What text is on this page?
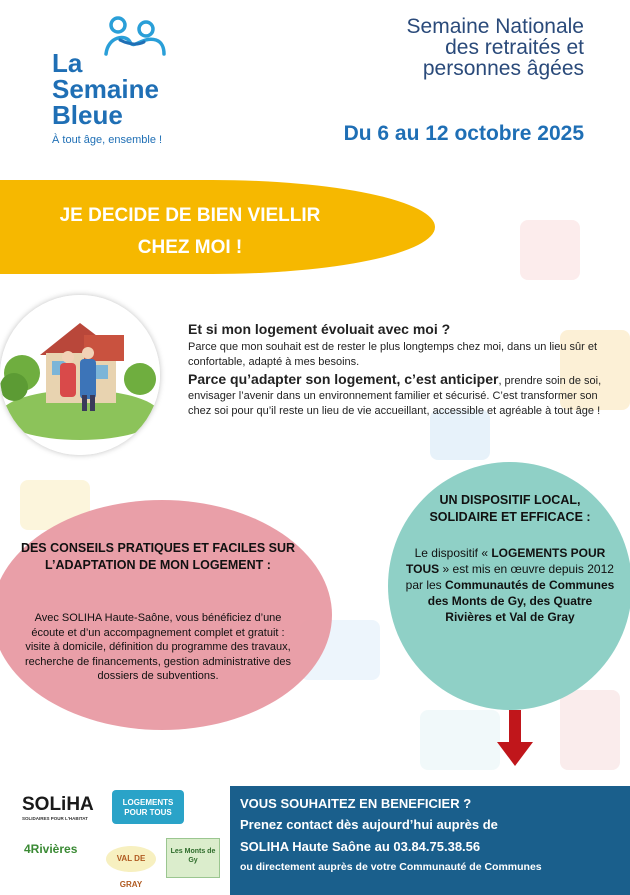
La
Semaine
Bleue
À tout âge, ensemble !
Semaine Nationale
des retraités et
personnes âgées
Du 6 au 12 octobre 2025
JE DECIDE DE BIEN VIELLIR
CHEZ MOI !
Et si mon logement évoluait avec moi ?

Parce que mon souhait est de rester le plus longtemps chez moi, dans un lieu sûr et confortable, adapté à mes besoins.

Parce qu’adapter son logement, c’est anticiper, prendre soin de soi, envisager l’avenir dans un environnement familier et sécurisé. C’est transformer son chez soi pour qu’il reste un lieu de vie accueillant, accessible et agréable à tout âge !

DES CONSEILS PRATIQUES ET FACILES SUR L’ADAPTATION DE MON LOGEMENT :
Avec SOLIHA Haute-Saône, vous bénéficiez d’une écoute et d’un accompagnement complet et gratuit : visite à domicile, définition du programme des travaux, recherche de financements, gestion administrative des dossiers de subventions.
UN DISPOSITIF LOCAL, SOLIDAIRE ET EFFICACE :
Le dispositif « LOGEMENTS POUR TOUS » est mis en œuvre depuis 2012 par les Communautés de Communes des Monts de Gy, des Quatre Rivières et Val de Gray
SOLiHA
SOLIDAIRES POUR L'HABITAT
LOGEMENTS POUR TOUS
4Rivières
VAL DE GRAY
Les Monts de Gy
VOUS SOUHAITEZ EN BENEFICIER ?
Prenez contact dès aujourd’hui auprès de
SOLIHA Haute Saône au 03.84.75.38.56
ou directement auprès de votre Communauté de Communes
